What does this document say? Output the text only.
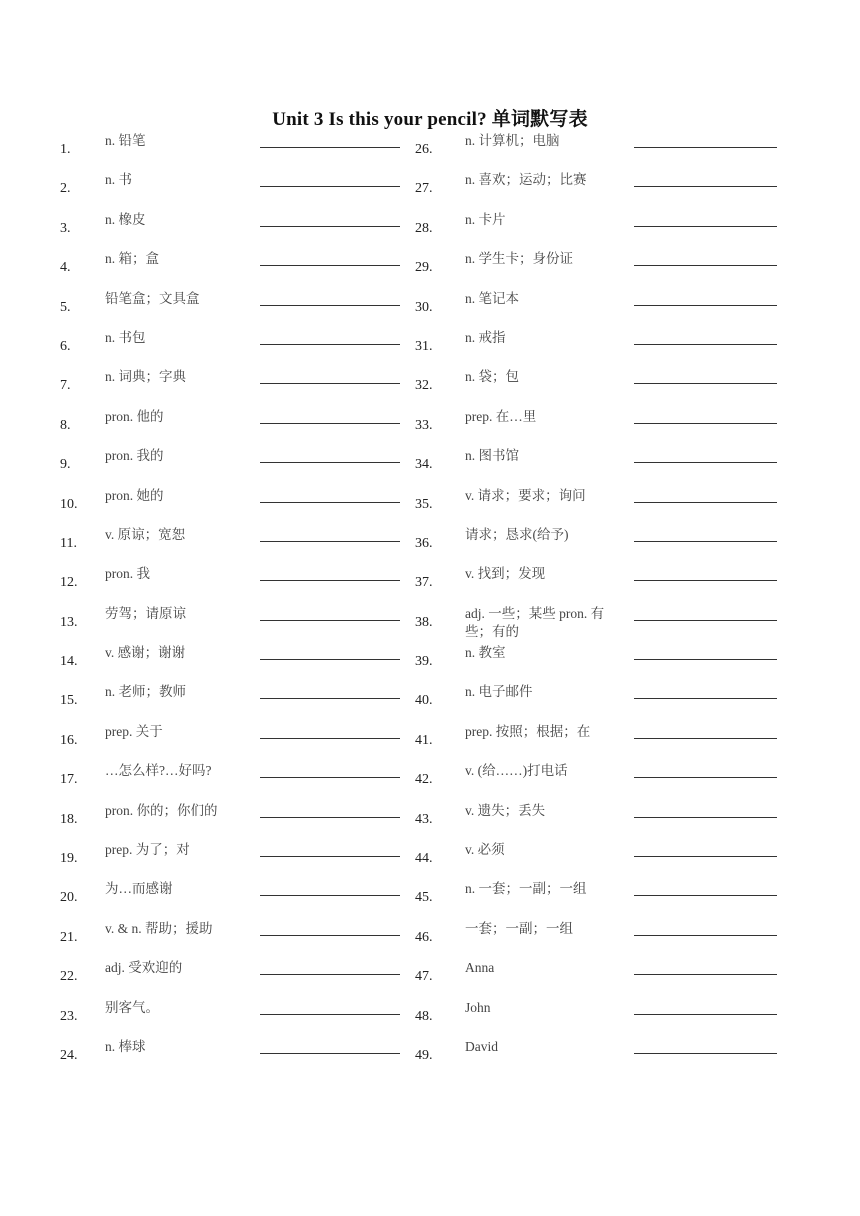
Unit 3 Is this your pencil? 单词默写表
1.
n. 铅笔
2.
n. 书
3.
n. 橡皮
4.
n. 箱；盒
5.
铅笔盒；文具盒
6.
n. 书包
7.
n. 词典；字典
8.
pron. 他的
9.
pron. 我的
10.
pron. 她的
11.
v. 原谅；宽恕
12.
pron. 我
13.
劳驾；请原谅
14.
v. 感谢；谢谢
15.
n. 老师；教师
16.
prep. 关于
17.
…怎么样?…好吗?
18.
pron. 你的；你们的
19.
prep. 为了；对
20.
为…而感谢
21.
v. & n. 帮助；援助
22.
adj. 受欢迎的
23.
别客气。
24.
n. 棒球
26.
n. 计算机；电脑
27.
n. 喜欢；运动；比赛
28.
n. 卡片
29.
n. 学生卡；身份证
30.
n. 笔记本
31.
n. 戒指
32.
n. 袋；包
33.
prep. 在…里
34.
n. 图书馆
35.
v. 请求；要求；询问
36.
请求；恳求(给予)
37.
v. 找到；发现
38.
adj. 一些；某些 pron. 有些；有的
39.
n. 教室
40.
n. 电子邮件
41.
prep. 按照；根据；在
42.
v. (给……)打电话
43.
v. 遗失；丢失
44.
v. 必须
45.
n. 一套；一副；一组
46.
一套；一副；一组
47.
Anna
48.
John
49.
David
